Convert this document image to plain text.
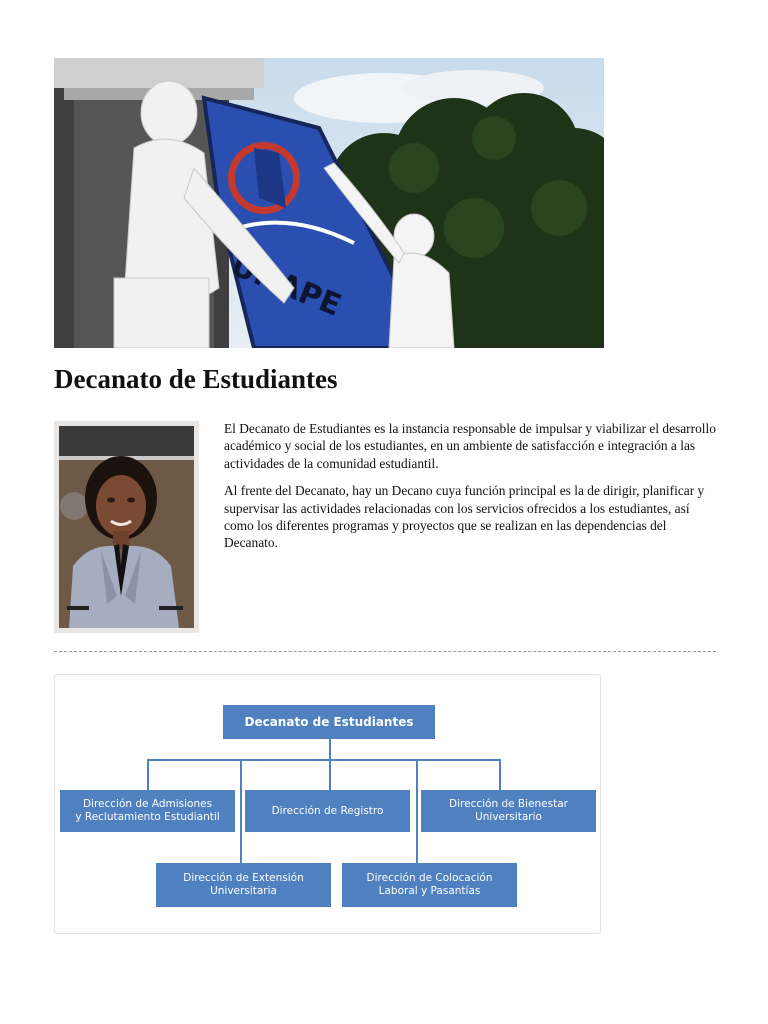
Decanato de Estudiantes

El Decanato de Estudiantes es la instancia responsable de impulsar y viabilizar el desarrollo académico y social de los estudiantes, en un ambiente de satisfacción e integración a las actividades de la comunidad estudiantil.

Al frente del Decanato, hay un Decano cuya función principal es la de dirigir, planificar y supervisar las actividades relacionadas con los servicios ofrecidos a los estudiantes, así como los diferentes programas y proyectos que se realizan en las dependencias del Decanato.

Decanato de Estudiantes
Dirección de Admisiones
y Reclutamiento Estudiantil
Dirección de Registro
Dirección de Bienestar
Universitario
Dirección de Extensión
Universitaria
Dirección de Colocación
Laboral y Pasantías
